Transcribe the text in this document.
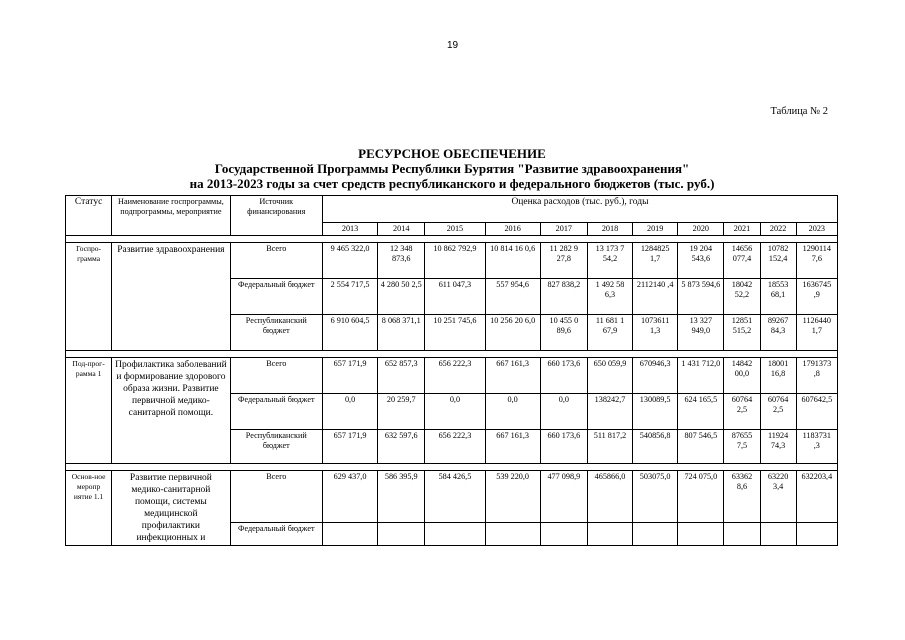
19
Таблица № 2
РЕСУРСНОЕ ОБЕСПЕЧЕНИЕ
Государственной Программы Республики Бурятия "Развитие здравоохранения"
на 2013-2023 годы за счет средств республиканского и федерального бюджетов (тыс. руб.)
Статус	Наименование госпрограммы, подпрограммы, мероприятие	Источник финансирования	Оценка расходов (тыс. руб.), годы										
			2013	2014	2015	2016	2017	2018	2019	2020	2021	2022	2023

Госпро-грамма	Развитие здравоохранения	Всего	9 465 322,0	12 348 873,6	10 862 792,9	10 814 16 0,6	11 282 9 27,8	13 173 7 54,2	1284825 1,7	19 204 543,6	14656 077,4	10782 152,4	1290114 7,6
		Федеральный бюджет	2 554 717,5	4 280 50 2,5	611 047,3	557 954,6	827 838,2	1 492 58 6,3	2112140 ,4	5 873 594,6	18042 52,2	18553 68,1	1636745 ,9
		Республиканский бюджет	6 910 604,5	8 068 371,1	10 251 745,6	10 256 20 6,0	10 455 0 89,6	11 681 1 67,9	1073611 1,3	13 327 949,0	12851 515,2	89267 84,3	1126440 1,7

Под-прог-рамма 1	Профилактика заболеваний и формирование здорового образа жизни. Развитие первичной медико-санитарной помощи.	Всего	657 171,9	652 857,3	656 222,3	667 161,3	660 173,6	650 059,9	670946,3	1 431 712,0	14842 00,0	18001 16,8	1791373 ,8
		Федеральный бюджет	0,0	20 259,7	0,0	0,0	0,0	138242,7	130089,5	624 165,5	60764 2,5	60764 2,5	607642,5
		Республиканский бюджет	657 171,9	632 597,6	656 222,3	667 161,3	660 173,6	511 817,2	540856,8	807 546,5	87655 7,5	11924 74,3	1183731 ,3

Основ-ное меропр иятие 1.1	Развитие первичной медико-санитарной помощи, системы медицинской профилактики инфекционных и	Всего	629 437,0	586 395,9	584 426,5	539 220,0	477 098,9	465866,0	503075,0	724 075,0	63362 8,6	63220 3,4	632203,4
		Федеральный бюджет											
